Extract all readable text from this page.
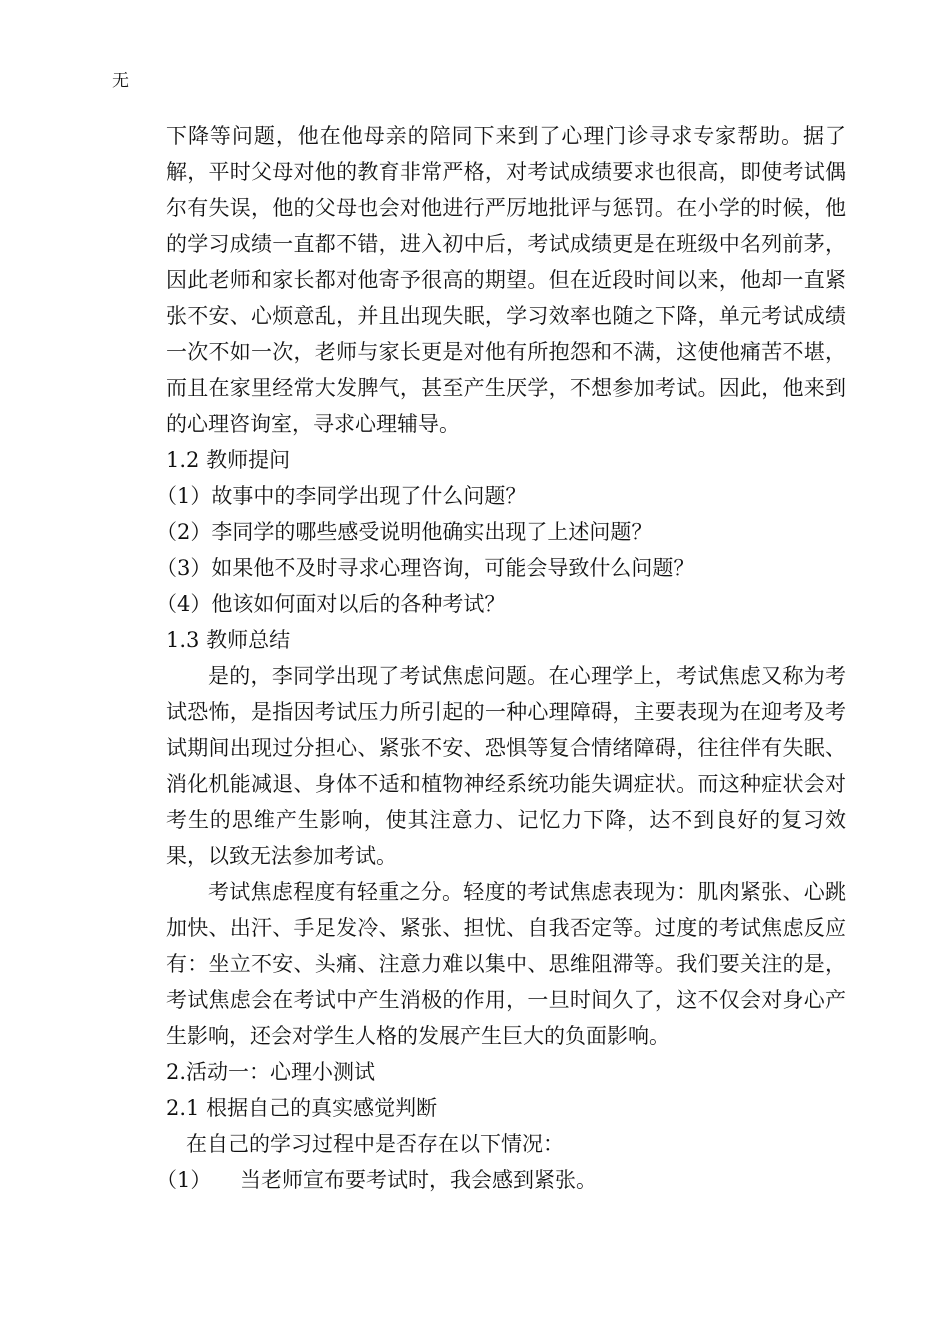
无

下降等问题，他在他母亲的陪同下来到了心理门诊寻求专家帮助。据了解，平时父母对他的教育非常严格，对考试成绩要求也很高，即使考试偶尔有失误，他的父母也会对他进行严厉地批评与惩罚。在小学的时候，他的学习成绩一直都不错，进入初中后，考试成绩更是在班级中名列前茅，因此老师和家长都对他寄予很高的期望。但在近段时间以来，他却一直紧张不安、心烦意乱，并且出现失眠，学习效率也随之下降，单元考试成绩一次不如一次，老师与家长更是对他有所抱怨和不满，这使他痛苦不堪，而且在家里经常大发脾气，甚至产生厌学，不想参加考试。因此，他来到的心理咨询室，寻求心理辅导。

1.2 教师提问

（1）故事中的李同学出现了什么问题？

（2）李同学的哪些感受说明他确实出现了上述问题？

（3）如果他不及时寻求心理咨询，可能会导致什么问题？

（4）他该如何面对以后的各种考试？

1.3 教师总结

是的，李同学出现了考试焦虑问题。在心理学上，考试焦虑又称为考试恐怖，是指因考试压力所引起的一种心理障碍，主要表现为在迎考及考试期间出现过分担心、紧张不安、恐惧等复合情绪障碍，往往伴有失眠、消化机能减退、身体不适和植物神经系统功能失调症状。而这种症状会对考生的思维产生影响，使其注意力、记忆力下降，达不到良好的复习效果，以致无法参加考试。

考试焦虑程度有轻重之分。轻度的考试焦虑表现为：肌肉紧张、心跳加快、出汗、手足发冷、紧张、担忧、自我否定等。过度的考试焦虑反应有：坐立不安、头痛、注意力难以集中、思维阻滞等。我们要关注的是，考试焦虑会在考试中产生消极的作用，一旦时间久了，这不仅会对身心产生影响，还会对学生人格的发展产生巨大的负面影响。

2.活动一：心理小测试

2.1 根据自己的真实感觉判断

在自己的学习过程中是否存在以下情况：

（1） 当老师宣布要考试时，我会感到紧张。
